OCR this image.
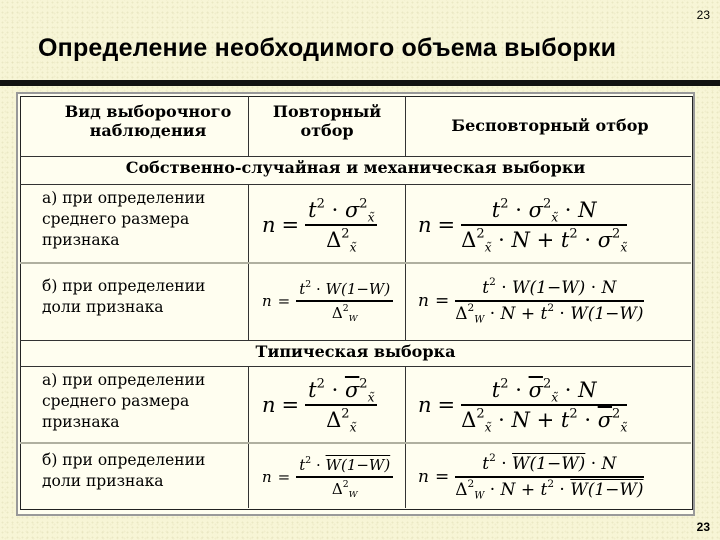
23
Определение необходимого объема выборки
Вид выборочного наблюдения
Повторный отбор	Бесповторный отбор
Собственно-случайная и механическая выборки
Типическая выборка
а) при определении среднего размера признака
б) при определении доли признака
а) при определении среднего размера признака
б) при определении доли признака
$n = \frac{t^2 \cdot \sigma^2_{x̃}}{\Delta^2_{x̃}}$ $n = \frac{t^2 \cdot \sigma^2_{x̃} \cdot N}{\Delta^2_{x̃} \cdot N + t^2 \cdot \sigma^2_{x̃}}$
$n = \frac{t^2 \cdot W(1-W)}{\Delta^2_W}$ $n = \frac{t^2 \cdot W(1-W) \cdot N}{\Delta^2_W \cdot N + t^2 \cdot W(1-W)}$
$n = \frac{t^2 \cdot \overline{\sigma}^2_{x̃}}{\Delta^2_{x̃}}$ $n = \frac{t^2 \cdot \overline{\sigma}^2_{x̃} \cdot N}{\Delta^2_{x̃} \cdot N + t^2 \cdot \overline{\sigma}^2_{x̃}}$
$n = \frac{t^2 \cdot W(1-W)}{\Delta^2_W}$ $n = \frac{t^2 \cdot W(1-W) \cdot N}{\Delta^2_W \cdot N + t^2 \cdot W(1-W)}$
23
